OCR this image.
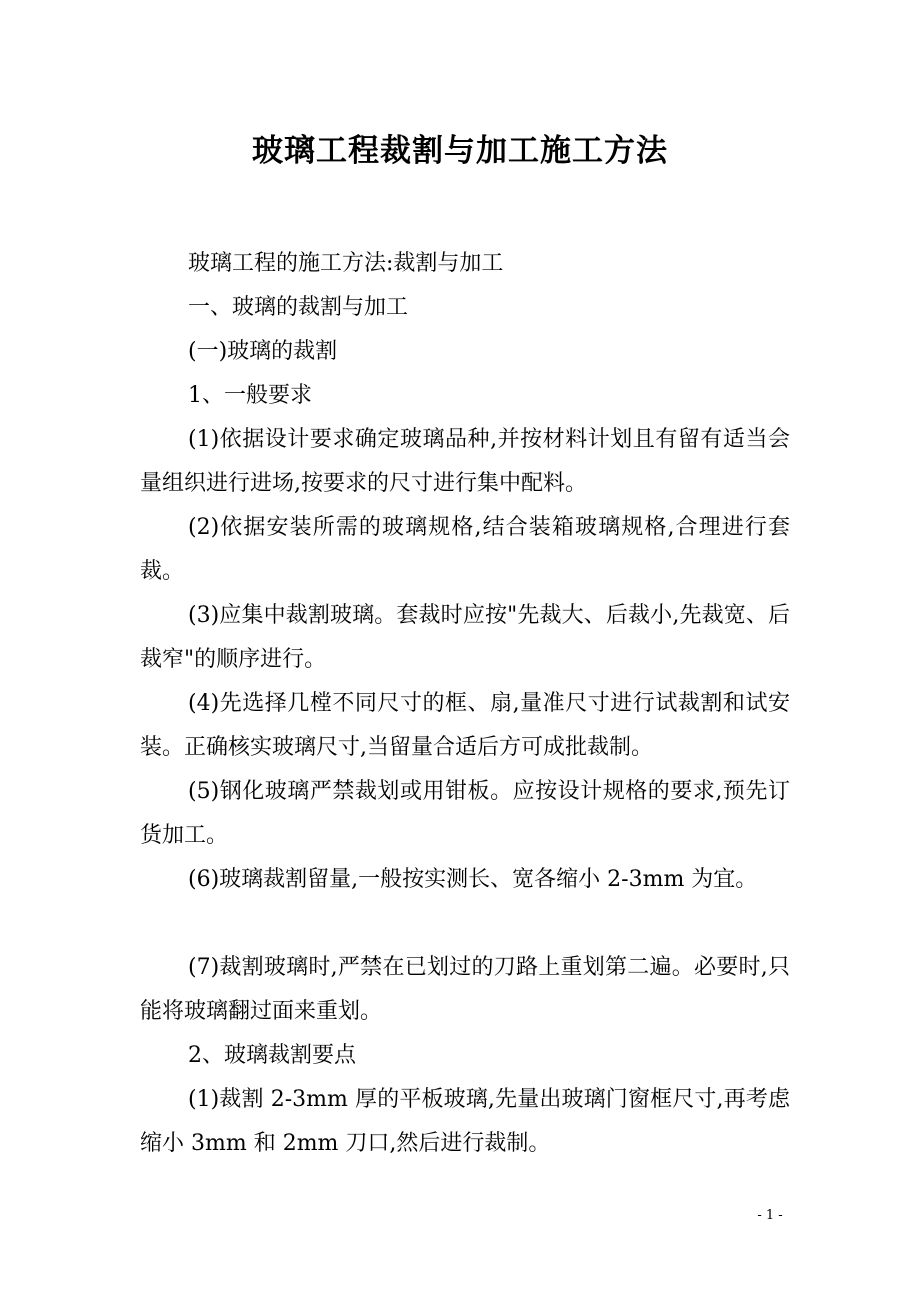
玻璃工程裁割与加工施工方法

玻璃工程的施工方法:裁割与加工

一、玻璃的裁割与加工

(一)玻璃的裁割

1、一般要求

(1)依据设计要求确定玻璃品种,并按材料计划且有留有适当会量组织进行进场,按要求的尺寸进行集中配料。

(2)依据安装所需的玻璃规格,结合装箱玻璃规格,合理进行套裁。

(3)应集中裁割玻璃。套裁时应按"先裁大、后裁小,先裁宽、后裁窄"的顺序进行。

(4)先选择几樘不同尺寸的框、扇,量准尺寸进行试裁割和试安装。正确核实玻璃尺寸,当留量合适后方可成批裁制。

(5)钢化玻璃严禁裁划或用钳板。应按设计规格的要求,预先订货加工。

(6)玻璃裁割留量,一般按实测长、宽各缩小 2-3mm 为宜。

(7)裁割玻璃时,严禁在已划过的刀路上重划第二遍。必要时,只能将玻璃翻过面来重划。

2、玻璃裁割要点

(1)裁割 2-3mm 厚的平板玻璃,先量出玻璃门窗框尺寸,再考虑缩小 3mm 和 2mm 刀口,然后进行裁制。

- 1 -
